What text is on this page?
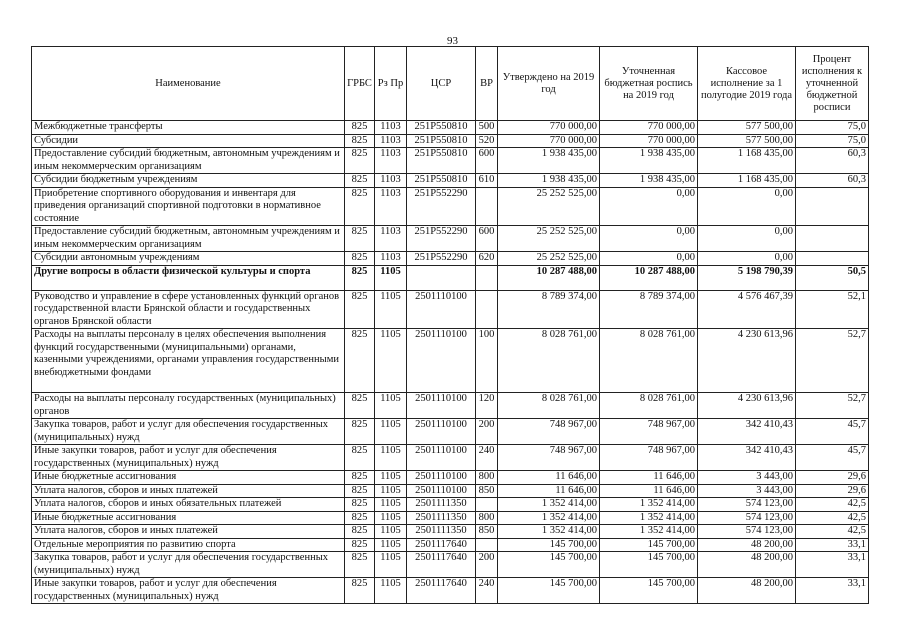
93
Наименование	ГРБС	Рз Пр	ЦСР	ВР	Утверждено на 2019 год	Уточненная бюджетная роспись на 2019 год	Кассовое исполнение за 1 полугодие 2019 года	Процент исполнения к уточненной бюджетной росписи
Межбюджетные трансферты	825	1103	251P550810	500	770 000,00	770 000,00	577 500,00	75,0
Субсидии	825	1103	251P550810	520	770 000,00	770 000,00	577 500,00	75,0
Предоставление субсидий бюджетным, автономным учреждениям и иным некоммерческим организациям	825	1103	251P550810	600	1 938 435,00	1 938 435,00	1 168 435,00	60,3
Субсидии бюджетным учреждениям	825	1103	251P550810	610	1 938 435,00	1 938 435,00	1 168 435,00	60,3
Приобретение спортивного оборудования и инвентаря для приведения организаций спортивной подготовки в нормативное состояние	825	1103	251P552290		25 252 525,00	0,00	0,00	
Предоставление субсидий бюджетным, автономным учреждениям и иным некоммерческим организациям	825	1103	251P552290	600	25 252 525,00	0,00	0,00	
Субсидии автономным учреждениям	825	1103	251P552290	620	25 252 525,00	0,00	0,00	
Другие вопросы в области физической культуры и спорта	825	1105			10 287 488,00	10 287 488,00	5 198 790,39	50,5
Руководство и управление в сфере установленных функций органов государственной власти Брянской области и государственных органов Брянской области	825	1105	2501110100		8 789 374,00	8 789 374,00	4 576 467,39	52,1
Расходы на выплаты персоналу в целях обеспечения выполнения функций государственными (муниципальными) органами, казенными учреждениями, органами управления государственными внебюджетными фондами	825	1105	2501110100	100	8 028 761,00	8 028 761,00	4 230 613,96	52,7
Расходы на выплаты персоналу государственных (муниципальных) органов	825	1105	2501110100	120	8 028 761,00	8 028 761,00	4 230 613,96	52,7
Закупка товаров, работ и услуг для обеспечения государственных (муниципальных) нужд	825	1105	2501110100	200	748 967,00	748 967,00	342 410,43	45,7
Иные закупки товаров, работ и услуг для обеспечения государственных (муниципальных) нужд	825	1105	2501110100	240	748 967,00	748 967,00	342 410,43	45,7
Иные бюджетные ассигнования	825	1105	2501110100	800	11 646,00	11 646,00	3 443,00	29,6
Уплата налогов, сборов и иных платежей	825	1105	2501110100	850	11 646,00	11 646,00	3 443,00	29,6
Уплата налогов, сборов и иных обязательных платежей	825	1105	2501111350		1 352 414,00	1 352 414,00	574 123,00	42,5
Иные бюджетные ассигнования	825	1105	2501111350	800	1 352 414,00	1 352 414,00	574 123,00	42,5
Уплата налогов, сборов и иных платежей	825	1105	2501111350	850	1 352 414,00	1 352 414,00	574 123,00	42,5
Отдельные мероприятия по развитию спорта	825	1105	2501117640		145 700,00	145 700,00	48 200,00	33,1
Закупка товаров, работ и услуг для обеспечения государственных (муниципальных) нужд	825	1105	2501117640	200	145 700,00	145 700,00	48 200,00	33,1
Иные закупки товаров, работ и услуг для обеспечения государственных (муниципальных) нужд	825	1105	2501117640	240	145 700,00	145 700,00	48 200,00	33,1
